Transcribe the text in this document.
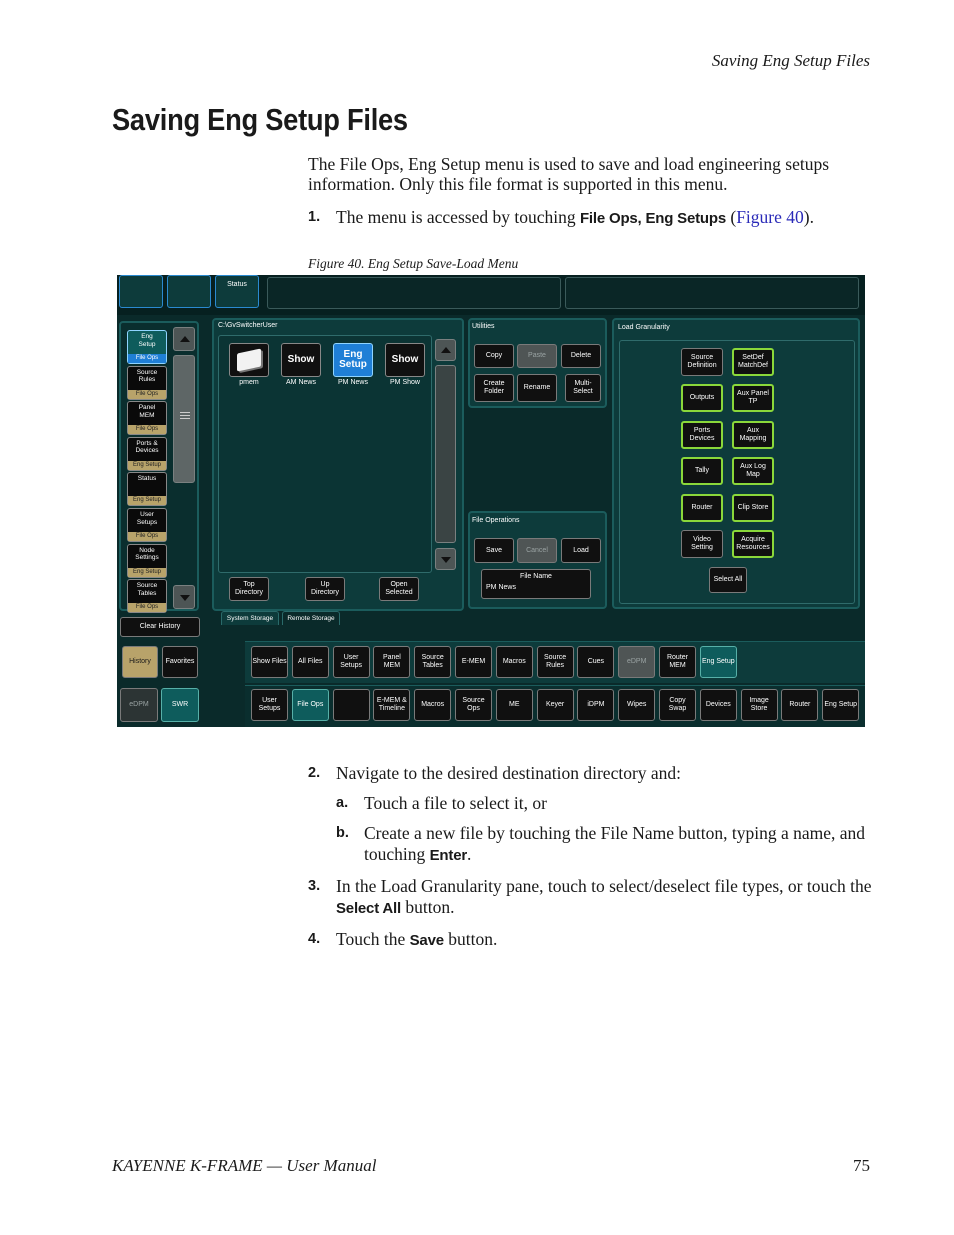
Saving Eng Setup Files
Saving Eng Setup Files
The File Ops, Eng Setup menu is used to save and load engineering setups information. Only this file format is supported in this menu.
1. The menu is accessed by touching File Ops, Eng Setups (Figure 40).
Figure 40. Eng Setup Save-Load Menu
Status
Eng
Setup
File Ops
Source
Rules
File Ops
Panel
MEM
File Ops
Ports &
Devices
Eng Setup
Status
Eng Setup
User
Setups
File Ops
Node
Settings
Eng Setup
Source
Tables
File Ops
Clear History
History	Favorites
eDPM	SWR
C:\GvSwitcherUser
pmem
Show
AM News
Eng Setup
PM News
Show
PM Show
Top Directory
Up Directory
Open Selected
System Storage	Remote Storage
Utilities
Copy	Paste	Delete
Create Folder
Rename
Multi-Select
File Operations
Save	Cancel	Load
File Name
PM News
Load Granularity
Source Definition
SetDef MatchDef
Outputs
Aux Panel TP
Ports Devices
Aux Mapping
Tally
Aux Log Map
Router	Clip Store
Video Setting
Acquire Resources
Select All
Show Files	All Files
User Setups
Panel MEM
Source Tables
E-MEM	Macros
Source Rules
Cues	eDPM
Router MEM
Eng Setup
User Setups
File Ops
E-MEM & Timeline
Macros
Source Ops
ME	Keyer	iDPM	Wipes
Copy Swap
Devices
Image Store
Router	Eng Setup
2. Navigate to the desired destination directory and:
a. Touch a file to select it, or
b. Create a new file by touching the File Name button, typing a name, and touching Enter.
3. In the Load Granularity pane, touch to select/deselect file types, or touch the Select All button.
4. Touch the Save button.
KAYENNE K-FRAME — User Manual	75
